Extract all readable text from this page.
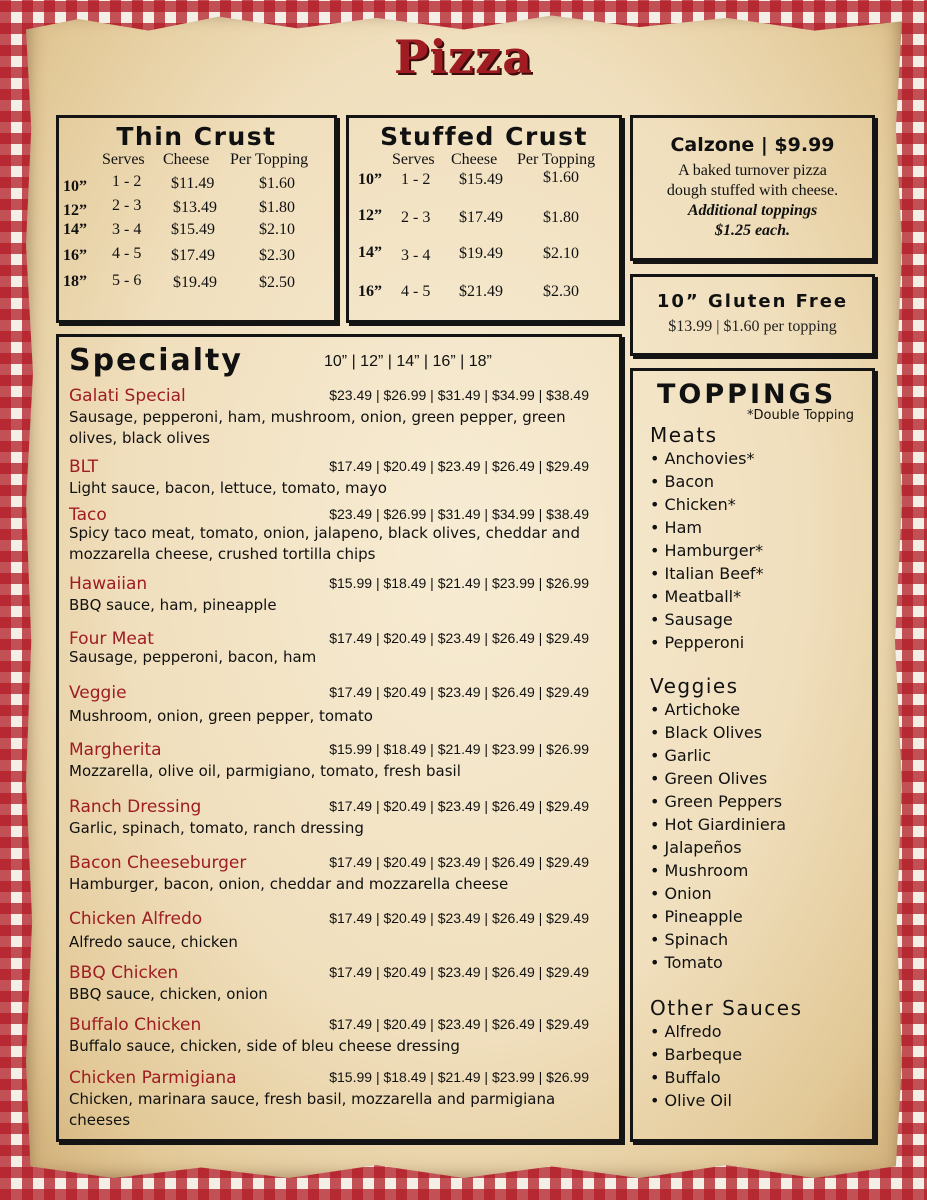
Pizza
Thin Crust
Serves Cheese Per Topping
10” 1 - 2 $11.49	$1.60
12” 2 - 3 $13.49	$1.80
14” 3 - 4 $15.49	$2.10
16” 4 - 5 $17.49	$2.30
18” 5 - 6 $19.49	$2.50
Stuffed Crust
Serves Cheese Per Topping
10” 1 - 2 $15.49	$1.60
12” 2 - 3 $17.49	$1.80
14” 3 - 4 $19.49	$2.10
16” 4 - 5 $21.49	$2.30
Calzone | $9.99
A baked turnover pizza
dough stuffed with cheese.
Additional toppings
$1.25 each.
10” Gluten Free
$13.99 | $1.60 per topping
Specialty	10” | 12” | 14” | 16” | 18”
Galati Special	$23.49 | $26.99 | $31.49 | $34.99 | $38.49
Sausage, pepperoni, ham, mushroom, onion, green pepper, green
olives, black olives
BLT	$17.49 | $20.49 | $23.49 | $26.49 | $29.49
Light sauce, bacon, lettuce, tomato, mayo
Taco	$23.49 | $26.99 | $31.49 | $34.99 | $38.49
Spicy taco meat, tomato, onion, jalapeno, black olives, cheddar and
mozzarella cheese, crushed tortilla chips
Hawaiian	$15.99 | $18.49 | $21.49 | $23.99 | $26.99
BBQ sauce, ham, pineapple
Four Meat	$17.49 | $20.49 | $23.49 | $26.49 | $29.49
Sausage, pepperoni, bacon, ham
Veggie	$17.49 | $20.49 | $23.49 | $26.49 | $29.49
Mushroom, onion, green pepper, tomato
Margherita	$15.99 | $18.49 | $21.49 | $23.99 | $26.99
Mozzarella, olive oil, parmigiano, tomato, fresh basil
Ranch Dressing	$17.49 | $20.49 | $23.49 | $26.49 | $29.49
Garlic, spinach, tomato, ranch dressing
Bacon Cheeseburger	$17.49 | $20.49 | $23.49 | $26.49 | $29.49
Hamburger, bacon, onion, cheddar and mozzarella cheese
Chicken Alfredo	$17.49 | $20.49 | $23.49 | $26.49 | $29.49
Alfredo sauce, chicken
BBQ Chicken	$17.49 | $20.49 | $23.49 | $26.49 | $29.49
BBQ sauce, chicken, onion
Buffalo Chicken	$17.49 | $20.49 | $23.49 | $26.49 | $29.49
Buffalo sauce, chicken, side of bleu cheese dressing
Chicken Parmigiana	$15.99 | $18.49 | $21.49 | $23.99 | $26.99
Chicken, marinara sauce, fresh basil, mozzarella and parmigiana
cheeses
TOPPINGS
*Double Topping
Meats
• Anchovies*
• Bacon
• Chicken*
• Ham
• Hamburger*
• Italian Beef*
• Meatball*
• Sausage
• Pepperoni
Veggies
• Artichoke
• Black Olives
• Garlic
• Green Olives
• Green Peppers
• Hot Giardiniera
• Jalapeños
• Mushroom
• Onion
• Pineapple
• Spinach
• Tomato
Other Sauces
• Alfredo
• Barbeque
• Buffalo
• Olive Oil
